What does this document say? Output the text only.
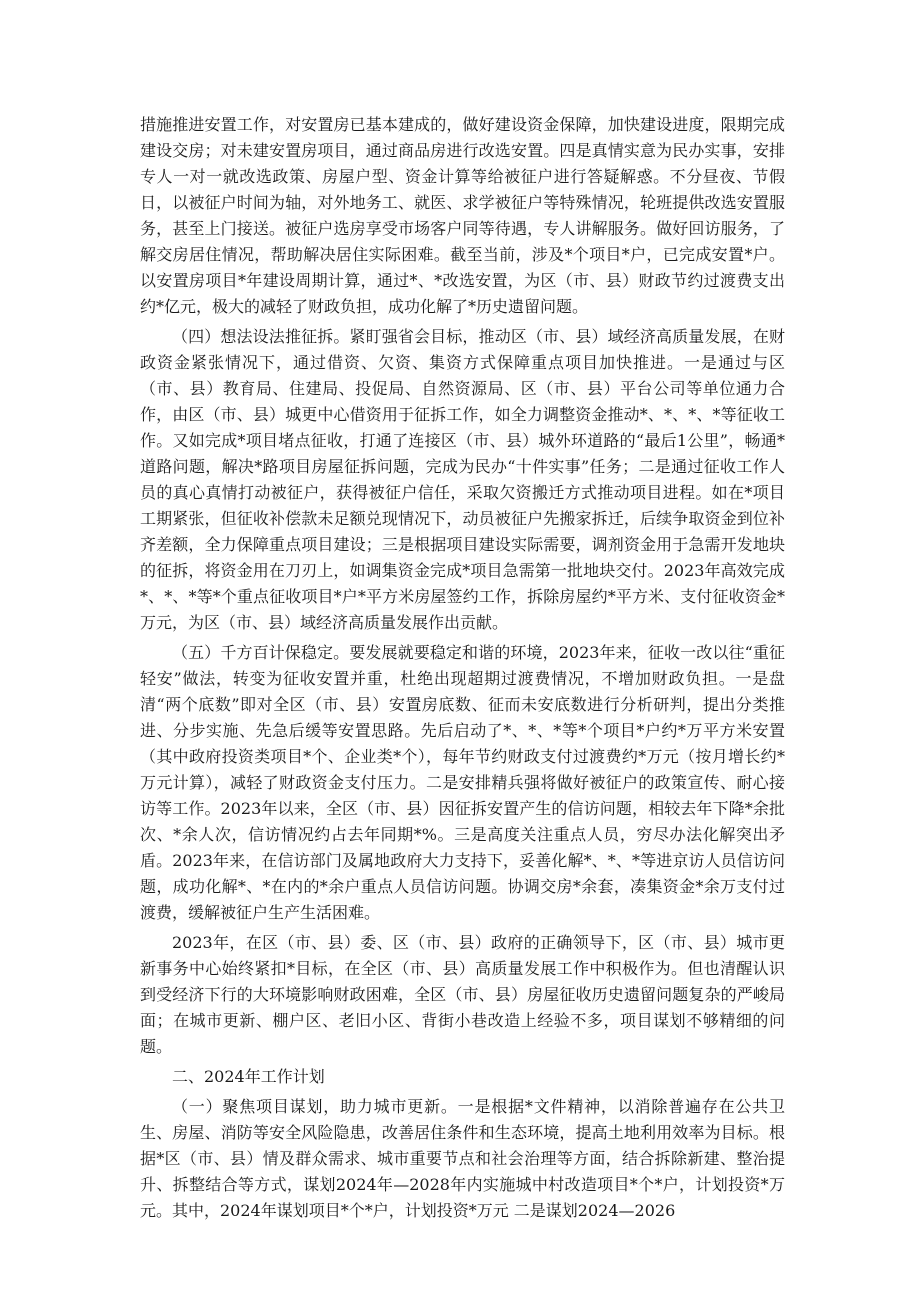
措施推进安置工作，对安置房已基本建成的，做好建设资金保障，加快建设进度，限期完成建设交房；对未建安置房项目，通过商品房进行改选安置。四是真情实意为民办实事，安排专人一对一就改选政策、房屋户型、资金计算等给被征户进行答疑解惑。不分昼夜、节假日，以被征户时间为轴，对外地务工、就医、求学被征户等特殊情况，轮班提供改选安置服务，甚至上门接送。被征户选房享受市场客户同等待遇，专人讲解服务。做好回访服务，了解交房居住情况，帮助解决居住实际困难。截至当前，涉及*个项目*户，已完成安置*户。以安置房项目*年建设周期计算，通过*、*改选安置，为区（市、县）财政节约过渡费支出约*亿元，极大的减轻了财政负担，成功化解了*历史遗留问题。

（四）想法设法推征拆。紧盯强省会目标，推动区（市、县）域经济高质量发展，在财政资金紧张情况下，通过借资、欠资、集资方式保障重点项目加快推进。一是通过与区（市、县）教育局、住建局、投促局、自然资源局、区（市、县）平台公司等单位通力合作，由区（市、县）城更中心借资用于征拆工作，如全力调整资金推动*、*、*、*等征收工作。又如完成*项目堵点征收，打通了连接区（市、县）城外环道路的“最后1公里”，畅通*道路问题，解决*路项目房屋征拆问题，完成为民办“十件实事”任务；二是通过征收工作人员的真心真情打动被征户，获得被征户信任，采取欠资搬迁方式推动项目进程。如在*项目工期紧张，但征收补偿款未足额兑现情况下，动员被征户先搬家拆迁，后续争取资金到位补齐差额，全力保障重点项目建设；三是根据项目建设实际需要，调剂资金用于急需开发地块的征拆，将资金用在刀刃上，如调集资金完成*项目急需第一批地块交付。2023年高效完成*、*、*等*个重点征收项目*户*平方米房屋签约工作，拆除房屋约*平方米、支付征收资金*万元，为区（市、县）域经济高质量发展作出贡献。

（五）千方百计保稳定。要发展就要稳定和谐的环境，2023年来，征收一改以往“重征轻安”做法，转变为征收安置并重，杜绝出现超期过渡费情况，不增加财政负担。一是盘清“两个底数”即对全区（市、县）安置房底数、征而未安底数进行分析研判，提出分类推进、分步实施、先急后缓等安置思路。先后启动了*、*、*等*个项目*户约*万平方米安置（其中政府投资类项目*个、企业类*个），每年节约财政支付过渡费约*万元（按月增长约*万元计算），减轻了财政资金支付压力。二是安排精兵强将做好被征户的政策宣传、耐心接访等工作。2023年以来，全区（市、县）因征拆安置产生的信访问题，相较去年下降*余批次、*余人次，信访情况约占去年同期*%。三是高度关注重点人员，穷尽办法化解突出矛盾。2023年来，在信访部门及属地政府大力支持下，妥善化解*、*、*等进京访人员信访问题，成功化解*、*在内的*余户重点人员信访问题。协调交房*余套，凑集资金*余万支付过渡费，缓解被征户生产生活困难。

2023年，在区（市、县）委、区（市、县）政府的正确领导下，区（市、县）城市更新事务中心始终紧扣*目标，在全区（市、县）高质量发展工作中积极作为。但也清醒认识到受经济下行的大环境影响财政困难，全区（市、县）房屋征收历史遗留问题复杂的严峻局面；在城市更新、棚户区、老旧小区、背街小巷改造上经验不多，项目谋划不够精细的问题。

二、2024年工作计划

（一）聚焦项目谋划，助力城市更新。一是根据*文件精神，以消除普遍存在公共卫生、房屋、消防等安全风险隐患，改善居住条件和生态环境，提高土地利用效率为目标。根据*区（市、县）情及群众需求、城市重要节点和社会治理等方面，结合拆除新建、整治提升、拆整结合等方式，谋划2024年—2028年内实施城中村改造项目*个*户，计划投资*万元。其中，2024年谋划项目*个*户，计划投资*万元 二是谋划2024—2026
